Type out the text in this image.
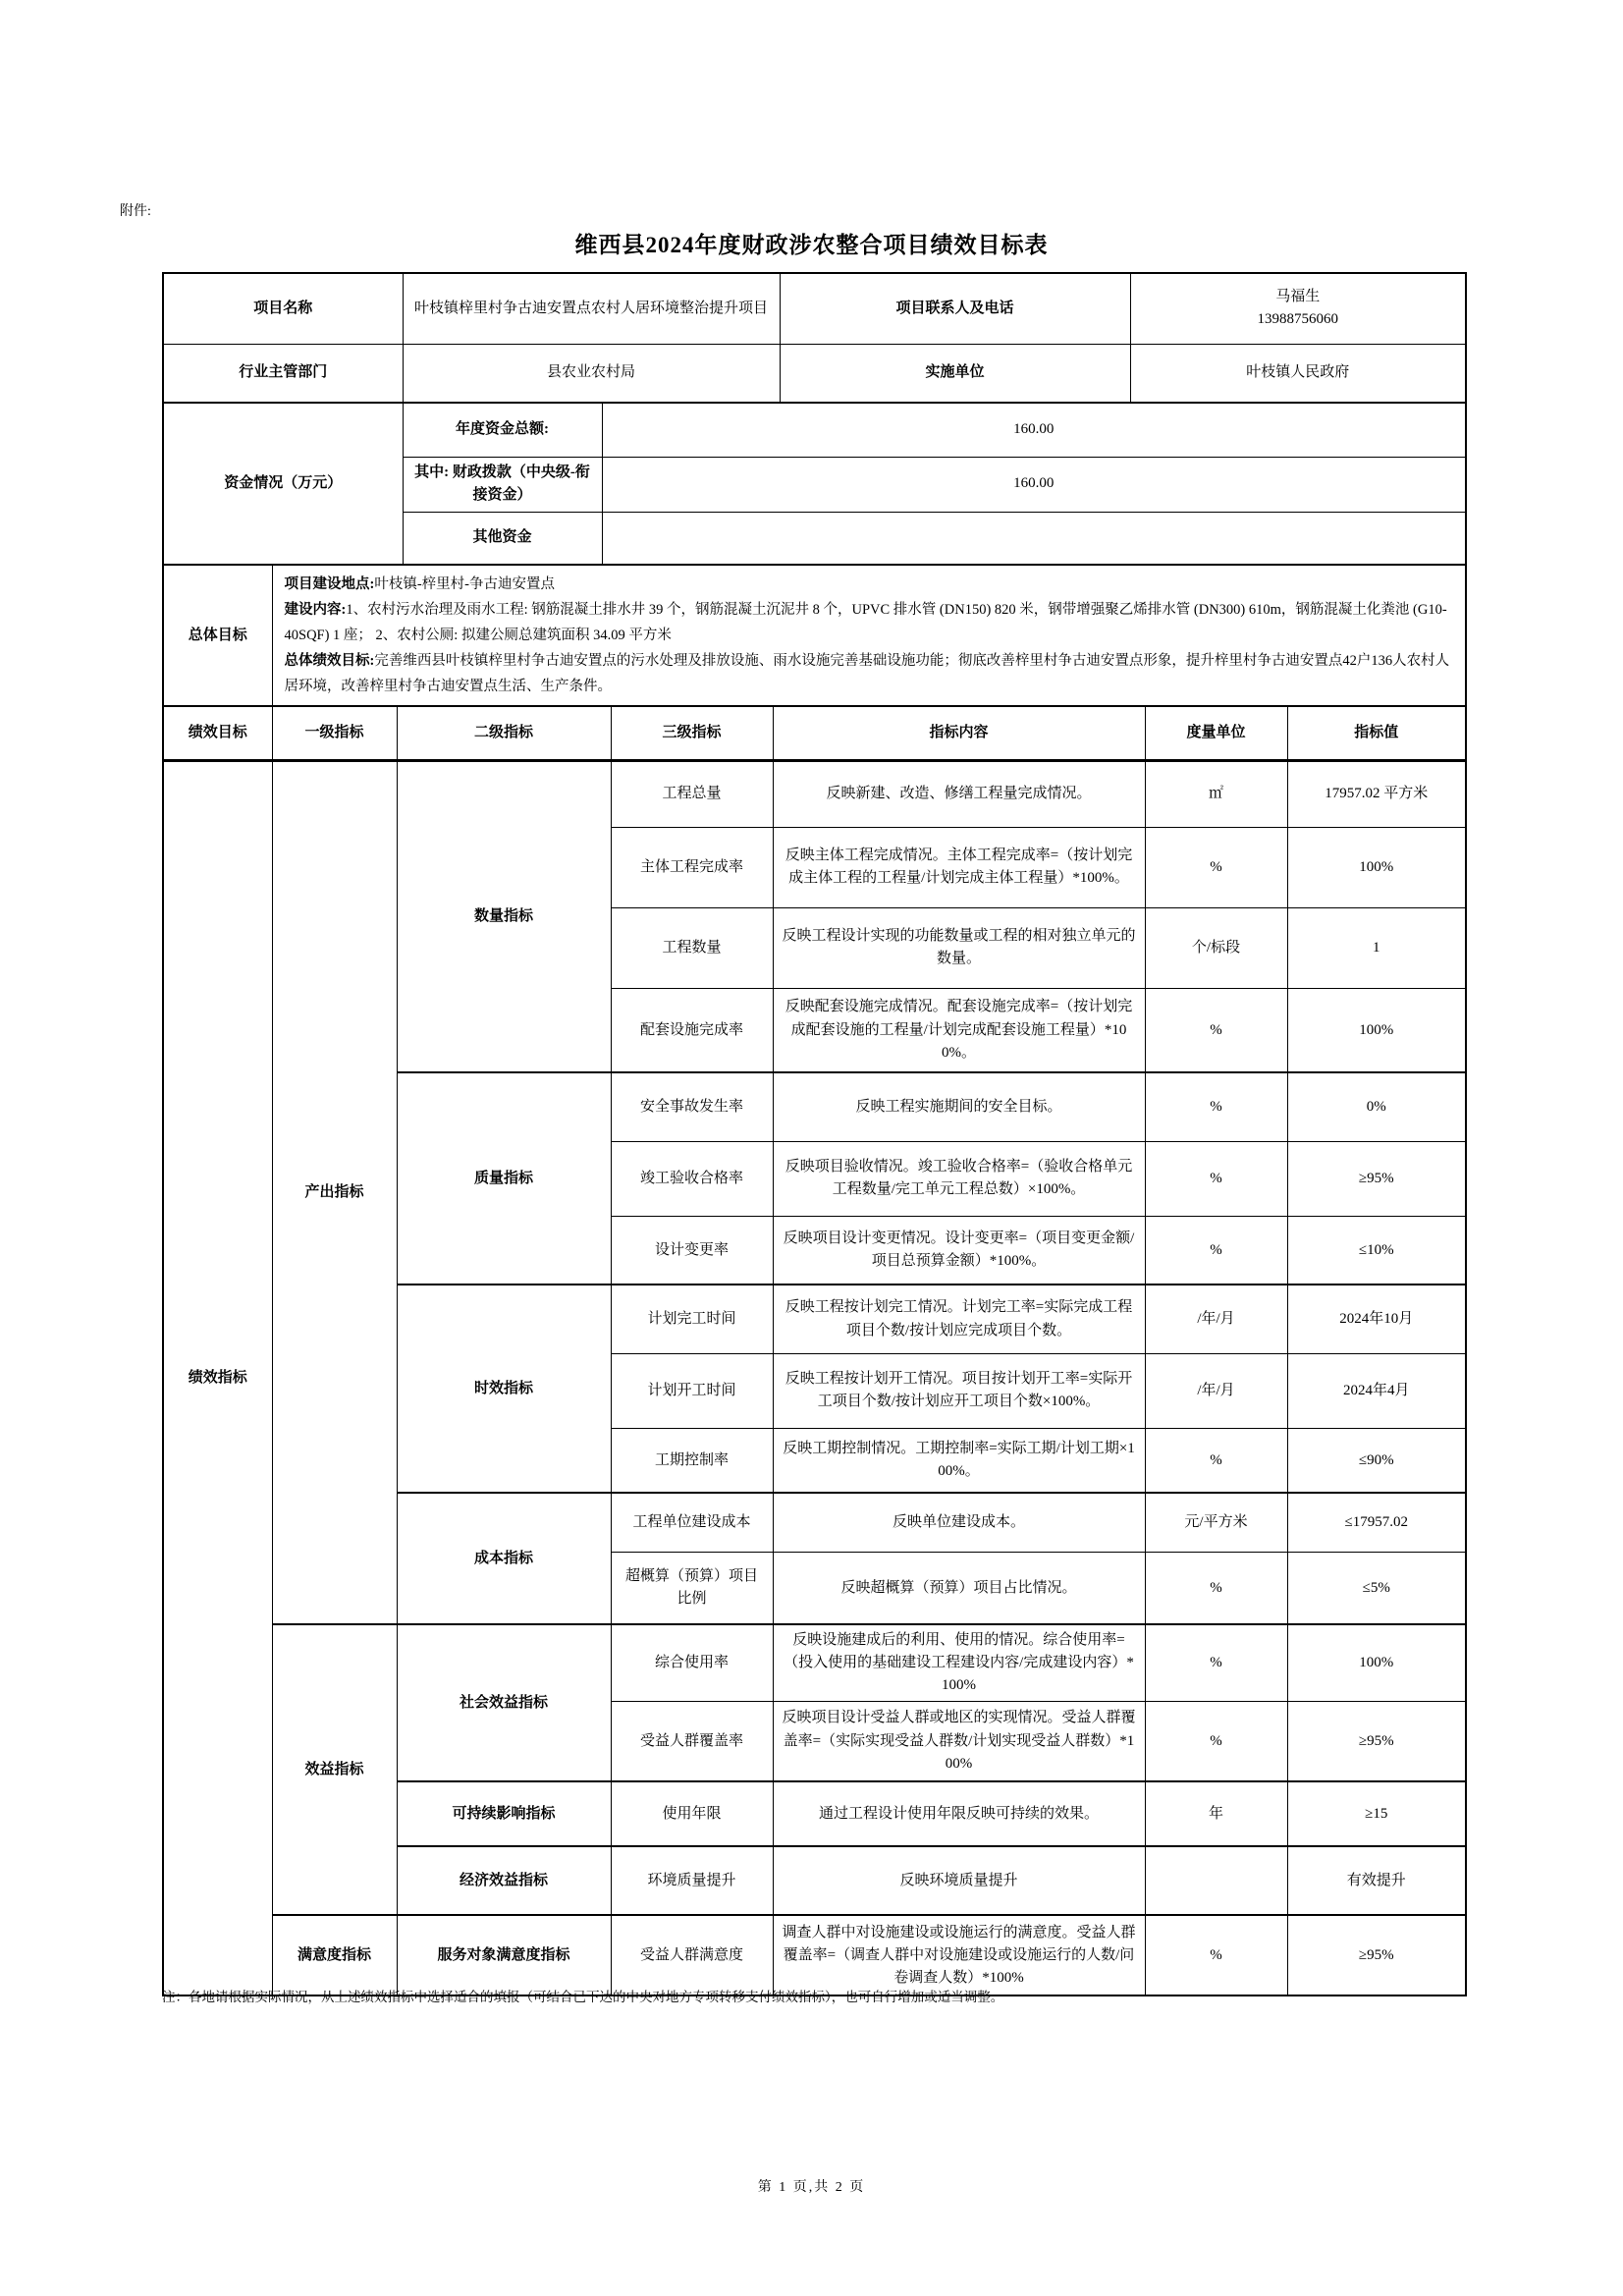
附件:
维西县2024年度财政涉农整合项目绩效目标表
项目名称	叶枝镇梓里村争古迪安置点农村人居环境整治提升项目	项目联系人及电话	马福生
13988756060

行业主管部门	县农业农村局	实施单位	叶枝镇人民政府
资金情况（万元）	年度资金总额:	160.00
	其中: 财政拨款（中央级-衔接资金）	160.00
	其他资金	
总体目标	
项目建设地点:叶枝镇-梓里村-争古迪安置点
建设内容:1、农村污水治理及雨水工程: 钢筋混凝土排水井 39 个，钢筋混凝土沉泥井 8 个，UPVC 排水管 (DN150) 820 米，钢带增强聚乙烯排水管 (DN300) 610m，钢筋混凝土化粪池 (G10-40SQF) 1 座； 2、农村公厕: 拟建公厕总建筑面积 34.09 平方米
总体绩效目标:完善维西县叶枝镇梓里村争古迪安置点的污水处理及排放设施、雨水设施完善基础设施功能；彻底改善梓里村争古迪安置点形象，提升梓里村争古迪安置点42户136人农村人居环境，改善梓里村争古迪安置点生活、生产条件。
绩效目标	一级指标	二级指标	三级指标	指标内容	度量单位	指标值
绩效指标	产出指标	数量指标	工程总量	反映新建、改造、修缮工程量完成情况。	㎡	17957.02 平方米
			主体工程完成率	反映主体工程完成情况。主体工程完成率=（按计划完成主体工程的工程量/计划完成主体工程量）*100%。	%	100%
			工程数量	反映工程设计实现的功能数量或工程的相对独立单元的数量。	个/标段	1
			配套设施完成率	反映配套设施完成情况。配套设施完成率=（按计划完成配套设施的工程量/计划完成配套设施工程量）*100%。	%	100%
		质量指标	安全事故发生率	反映工程实施期间的安全目标。	%	0%
			竣工验收合格率	反映项目验收情况。竣工验收合格率=（验收合格单元工程数量/完工单元工程总数）×100%。	%	≥95%
			设计变更率	反映项目设计变更情况。设计变更率=（项目变更金额/项目总预算金额）*100%。	%	≤10%
		时效指标	计划完工时间	反映工程按计划完工情况。计划完工率=实际完成工程项目个数/按计划应完成项目个数。	/年/月	2024年10月
			计划开工时间	反映工程按计划开工情况。项目按计划开工率=实际开工项目个数/按计划应开工项目个数×100%。	/年/月	2024年4月
			工期控制率	反映工期控制情况。工期控制率=实际工期/计划工期×100%。	%	≤90%
		成本指标	工程单位建设成本	反映单位建设成本。	元/平方米	≤17957.02
			超概算（预算）项目比例	反映超概算（预算）项目占比情况。	%	≤5%
	效益指标	社会效益指标	综合使用率	反映设施建成后的利用、使用的情况。综合使用率=（投入使用的基础建设工程建设内容/完成建设内容）*100%	%	100%
			受益人群覆盖率	反映项目设计受益人群或地区的实现情况。受益人群覆盖率=（实际实现受益人群数/计划实现受益人群数）*100%	%	≥95%
		可持续影响指标	使用年限	通过工程设计使用年限反映可持续的效果。	年	≥15
		经济效益指标	环境质量提升	反映环境质量提升		有效提升
	满意度指标	服务对象满意度指标	受益人群满意度	调查人群中对设施建设或设施运行的满意度。受益人群覆盖率=（调查人群中对设施建设或设施运行的人数/问卷调查人数）*100%	%	≥95%
注：各地请根据实际情况，从上述绩效指标中选择适合的填报（可结合已下达的中央对地方专项转移支付绩效指标），也可自行增加或适当调整。
第 1 页,共 2 页
